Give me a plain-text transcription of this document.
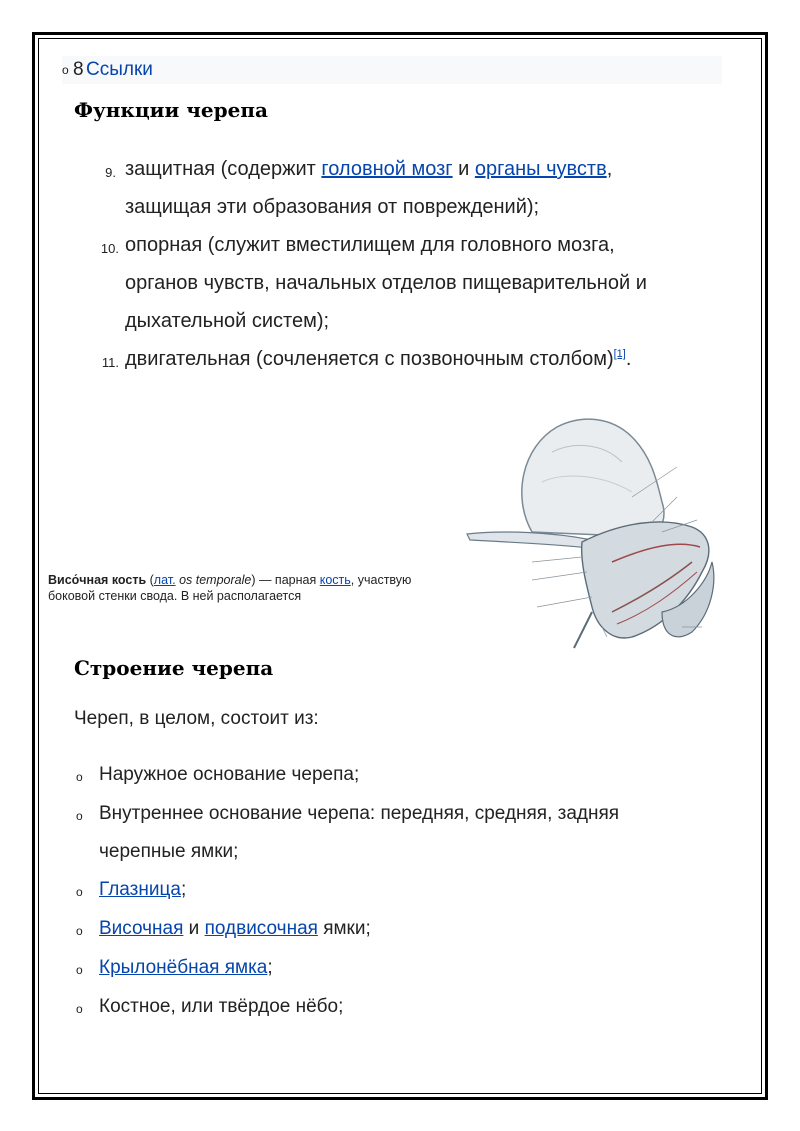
o 8 Ссылки
Функции черепа
9. защитная (содержит головной мозг и органы чувств,
защищая эти образования от повреждений);
10. опорная (служит вместилищем для головного мозга,
органов чувств, начальных отделов пищеварительной и
дыхательной систем);
11. двигательная (сочленяется с позвоночным столбом)[1].
Висо́чная кость (лат. os temporale) — парная кость, участвую
боковой стенки свода. В ней располагается
Строение черепа
Череп, в целом, состоит из:
o Наружное основание черепа;
o Внутреннее основание черепа: передняя, средняя, задняя
черепные ямки;
o Глазница;
o Височная и подвисочная ямки;
o Крылонёбная ямка;
o Костное, или твёрдое нёбо;
